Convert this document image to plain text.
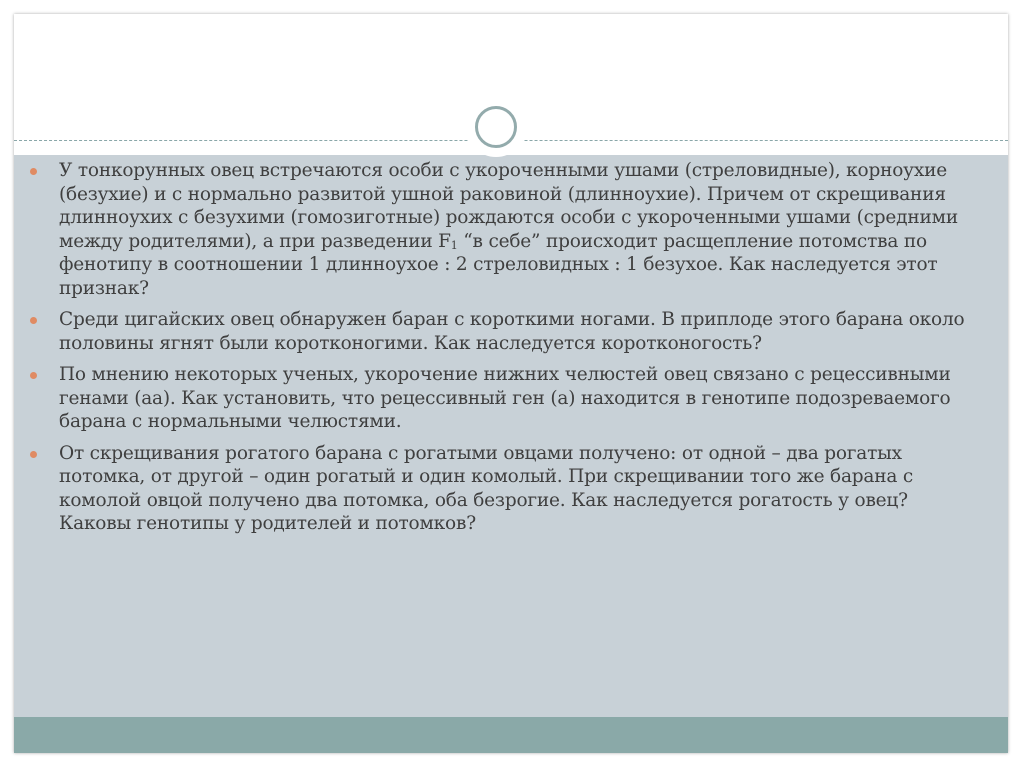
У тонкорунных овец встречаются особи с укороченными ушами (стреловидные), корноухие (безухие) и с нормально развитой ушной раковиной (длинноухие). Причем от скрещивания длинноухих с безухими (гомозиготные) рождаются особи с укороченными ушами (средними между родителями), а при разведении $F_1$ “в себе” происходит расщепление потомства по фенотипу в соотношении 1 длинноухое : 2 стреловидных : 1 безухое. Как наследуется этот признак?
Среди цигайских овец обнаружен баран с короткими ногами. В приплоде этого барана около половины ягнят были коротконогими. Как наследуется коротконогость?
По мнению некоторых ученых, укорочение нижних челюстей овец связано с рецессивными генами (аа). Как установить, что рецессивный ген (а) находится в генотипе подозреваемого барана с нормальными челюстями.
От скрещивания рогатого барана с рогатыми овцами получено: от одной – два рогатых потомка, от другой – один рогатый и один комолый. При скрещивании того же барана с комолой овцой получено два потомка, оба безрогие. Как наследуется рогатость у овец? Каковы генотипы у родителей и потомков?
